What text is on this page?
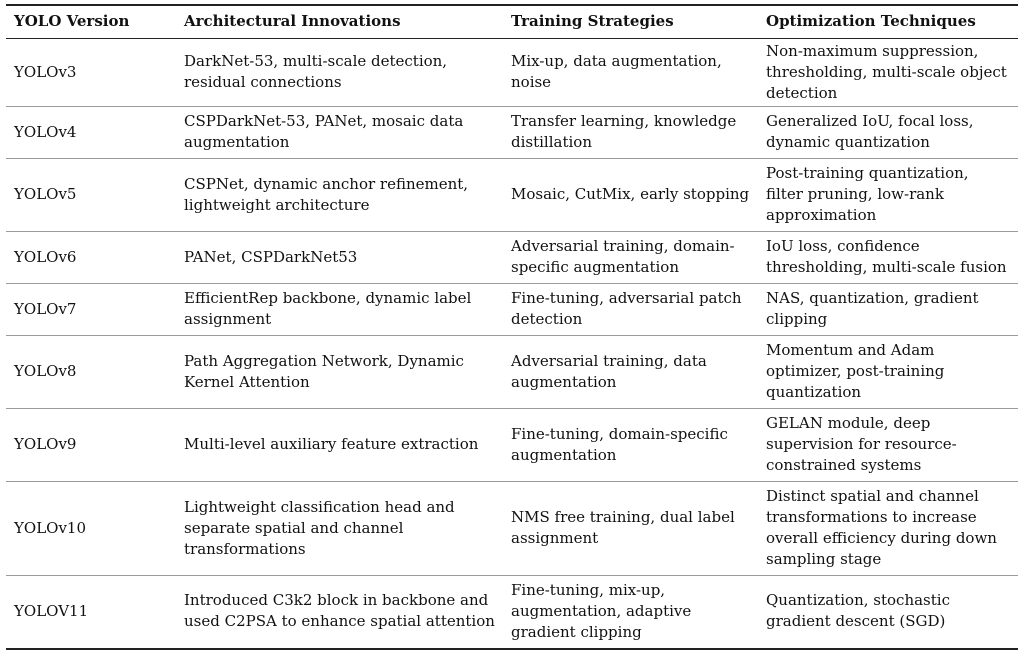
YOLO Version	Architectural Innovations	Training Strategies	Optimization Techniques
YOLOv3	DarkNet-53, multi-scale detection, residual connections	Mix-up, data augmentation, noise	Non-maximum suppression, thresholding, multi-scale object detection
YOLOv4	CSPDarkNet-53, PANet, mosaic data augmentation	Transfer learning, knowledge distillation	Generalized IoU, focal loss, dynamic quantization
YOLOv5	CSPNet, dynamic anchor refinement, lightweight architecture	Mosaic, CutMix, early stopping	Post-training quantization, filter pruning, low-rank approximation
YOLOv6	PANet, CSPDarkNet53	Adversarial training, domain-specific augmentation	IoU loss, confidence thresholding, multi-scale fusion
YOLOv7	EfficientRep backbone, dynamic label assignment	Fine-tuning, adversarial patch detection	NAS, quantization, gradient clipping
YOLOv8	Path Aggregation Network, Dynamic Kernel Attention	Adversarial training, data augmentation	Momentum and Adam optimizer, post-training quantization
YOLOv9	Multi-level auxiliary feature extraction	Fine-tuning, domain-specific augmentation	GELAN module, deep supervision for resource-constrained systems
YOLOv10	Lightweight classification head and separate spatial and channel transformations	NMS free training, dual label assignment	Distinct spatial and channel transformations to increase overall efficiency during down sampling stage
YOLOV11	Introduced C3k2 block in backbone and used C2PSA to enhance spatial attention	Fine-tuning, mix-up, augmentation, adaptive gradient clipping	Quantization, stochastic gradient descent (SGD)
